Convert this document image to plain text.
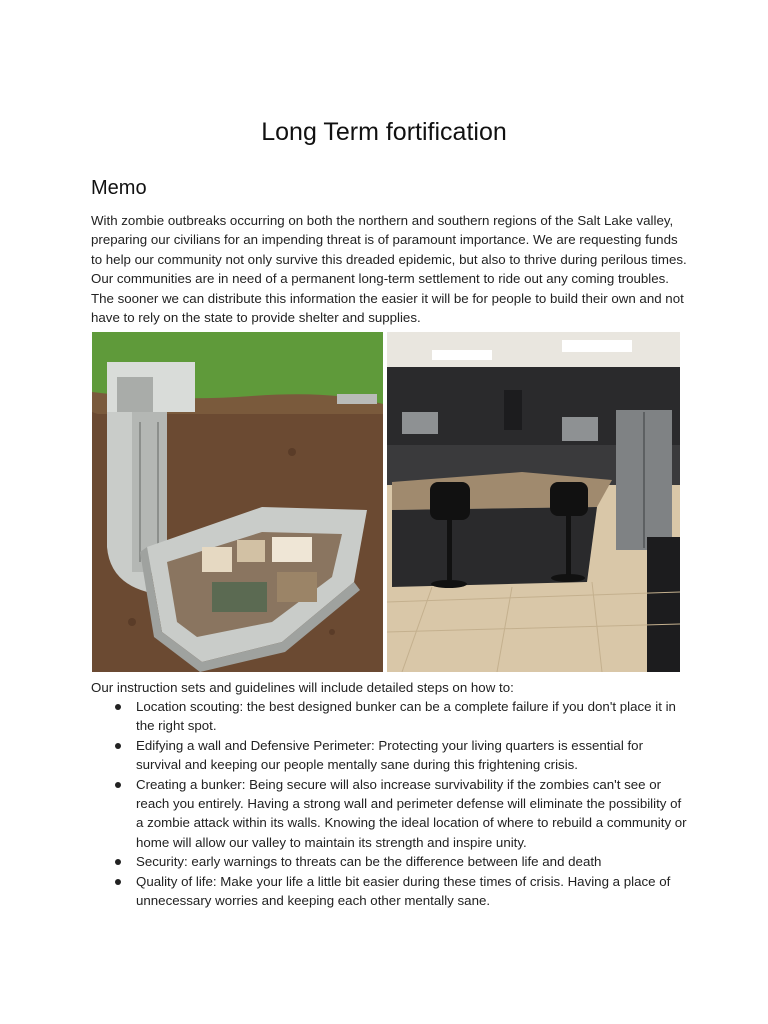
Long Term fortification
Memo
With zombie outbreaks occurring on both the northern and southern regions of the Salt Lake valley, preparing our civilians for an impending threat is of paramount importance. We are requesting funds to help our community not only survive this dreaded epidemic, but also to thrive during perilous times. Our communities are in need of a permanent long-term settlement to ride out any coming troubles. The sooner we can distribute this information the easier it will be for people to build their own and not have to rely on the state to provide shelter and supplies.
Our instruction sets and guidelines will include detailed steps on how to:
Location scouting: the best designed bunker can be a complete failure if you don't place it in the right spot.
Edifying a wall and Defensive Perimeter: Protecting your living quarters is essential for survival and keeping our people mentally sane during this frightening crisis.
Creating a bunker: Being secure will also increase survivability if the zombies can't see or reach you entirely. Having a strong wall and perimeter defense will eliminate the possibility of a zombie attack within its walls. Knowing the ideal location of where to rebuild a community or home will allow our valley to maintain its strength and inspire unity.
Security: early warnings to threats can be the difference between life and death
Quality of life: Make your life a little bit easier during these times of crisis. Having a place of unnecessary worries and keeping each other mentally sane.
